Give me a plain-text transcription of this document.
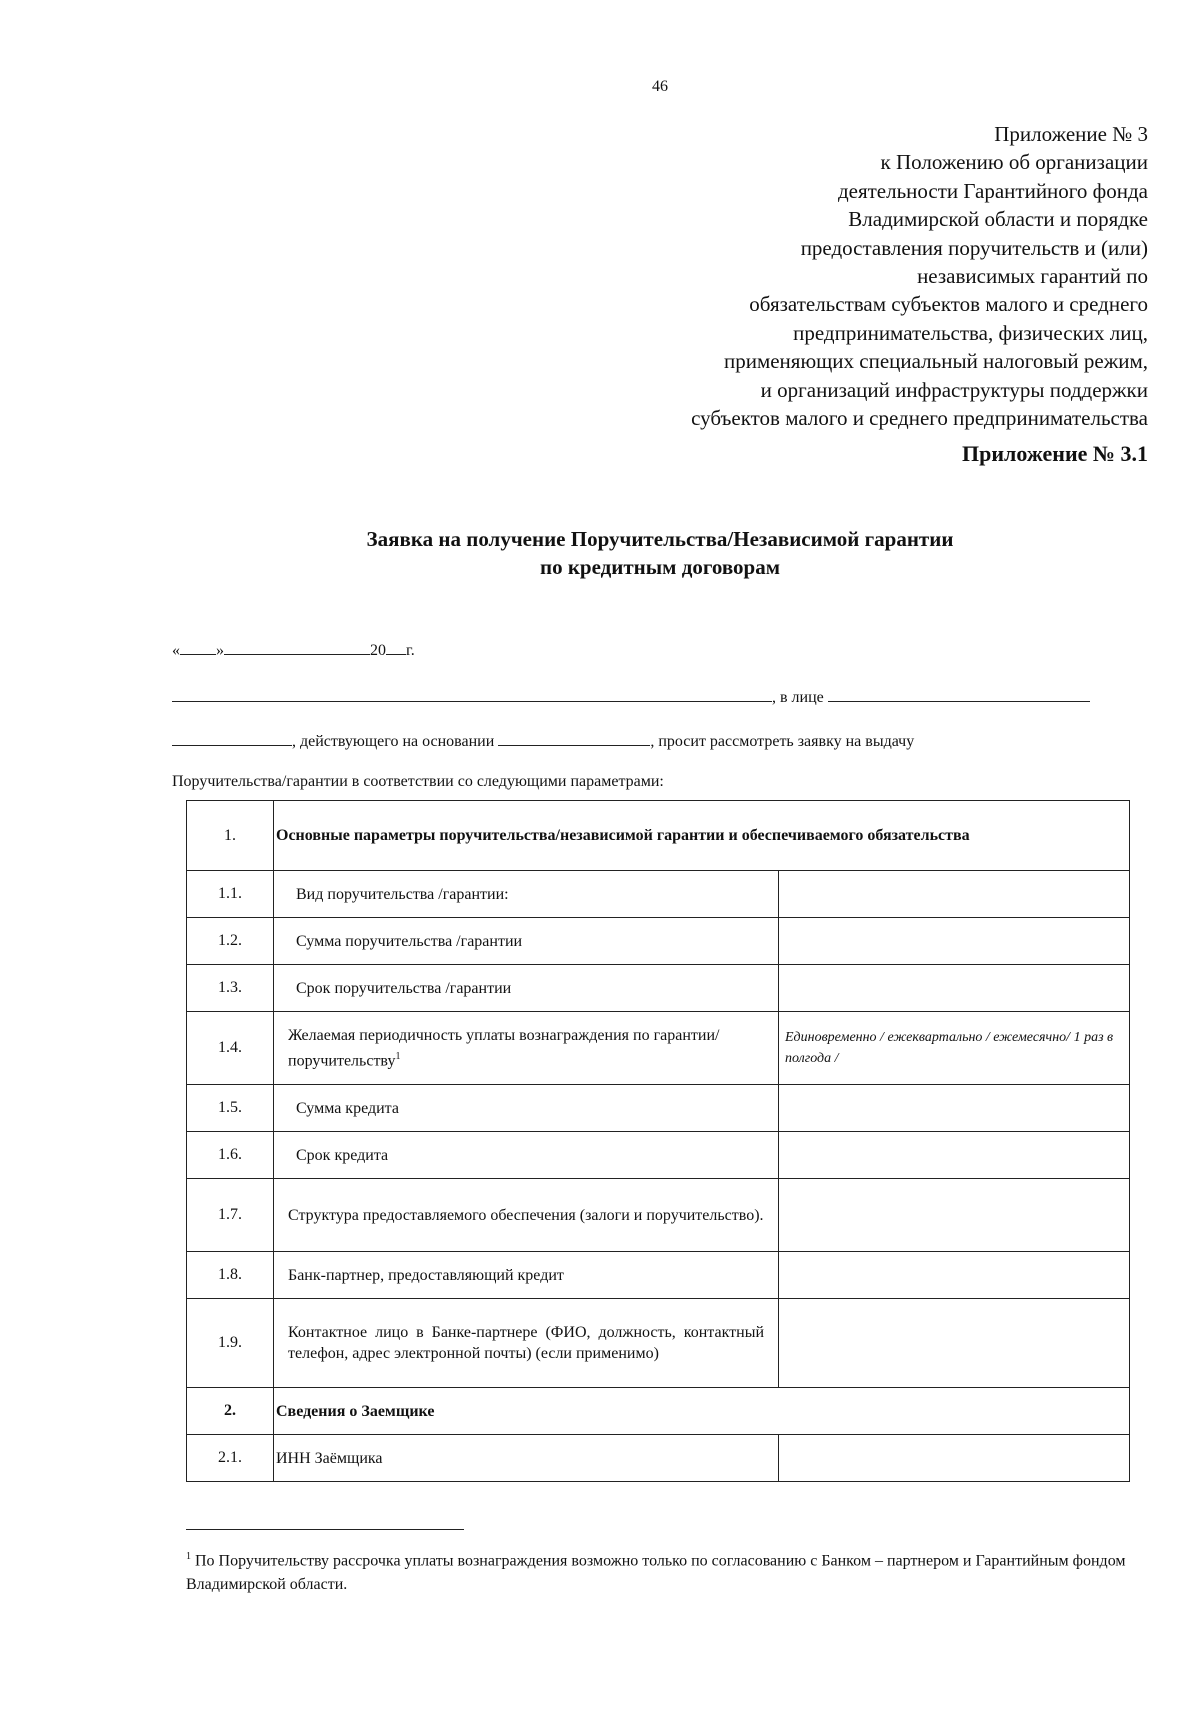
46
Приложение № 3
к Положению об организации
деятельности Гарантийного фонда
Владимирской области и порядке
предоставления поручительств и (или)
независимых гарантий по
обязательствам субъектов малого и среднего
предпринимательства, физических лиц,
применяющих специальный налоговый режим,
и организаций инфраструктуры поддержки
субъектов малого и среднего предпринимательства
Приложение № 3.1
Заявка на получение Поручительства/Независимой гарантии
по кредитным договорам
« »	20 г.
, в лице
, действующего на основании	, просит рассмотреть заявку на выдачу
Поручительства/гарантии в соответствии со следующими параметрами:
1.	Основные параметры поручительства/независимой гарантии и обеспечиваемого обязательства	
1.1.	Вид поручительства /гарантии:	
1.2.	Сумма поручительства /гарантии	
1.3.	Срок поручительства /гарантии	
1.4.	Желаемая периодичность уплаты вознаграждения по гарантии/поручительству$^1$	Единовременно / ежеквартально / ежемесячно/ 1 раз в полгода /
1.5.	Сумма кредита	
1.6.	Срок кредита	
1.7.	Структура предоставляемого обеспечения (залоги и поручительство).	
1.8.	Банк-партнер, предоставляющий кредит	
1.9.	Контактное лицо в Банке-партнере (ФИО, должность, контактный телефон, адрес электронной почты) (если применимо)	
2.	Сведения о Заемщике	
2.1.	ИНН Заёмщика	
$^1$ По Поручительству рассрочка уплаты вознаграждения возможно только по согласованию с Банком – партнером и Гарантийным фондом Владимирской области.
